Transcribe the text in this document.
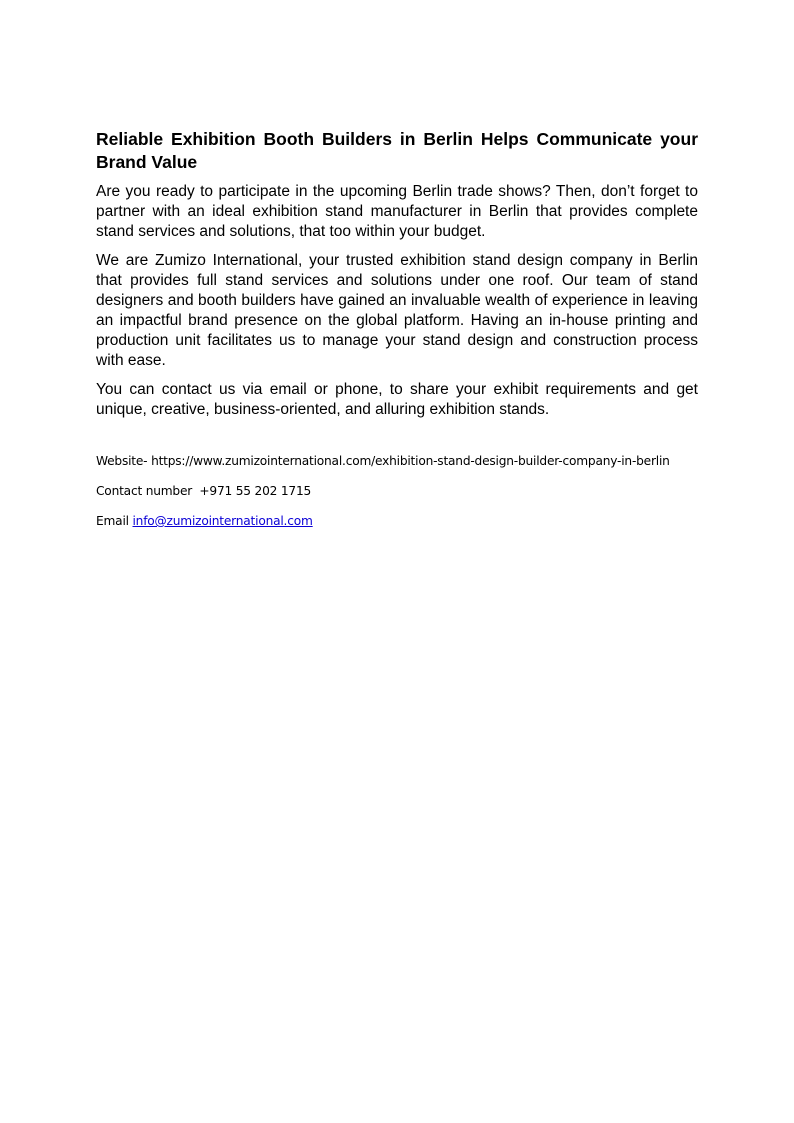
Reliable Exhibition Booth Builders in Berlin Helps Communicate your Brand Value

Are you ready to participate in the upcoming Berlin trade shows? Then, don’t forget to partner with an ideal exhibition stand manufacturer in Berlin that provides complete stand services and solutions, that too within your budget.

We are Zumizo International, your trusted exhibition stand design company in Berlin that provides full stand services and solutions under one roof. Our team of stand designers and booth builders have gained an invaluable wealth of experience in leaving an impactful brand presence on the global platform. Having an in-house printing and production unit facilitates us to manage your stand design and construction process with ease.

You can contact us via email or phone, to share your exhibit requirements and get unique, creative, business-oriented, and alluring exhibition stands.

Website- https://www.zumizointernational.com/exhibition-stand-design-builder-company-in-berlin
Contact number  +971 55 202 1715
Email info@zumizointernational.com
